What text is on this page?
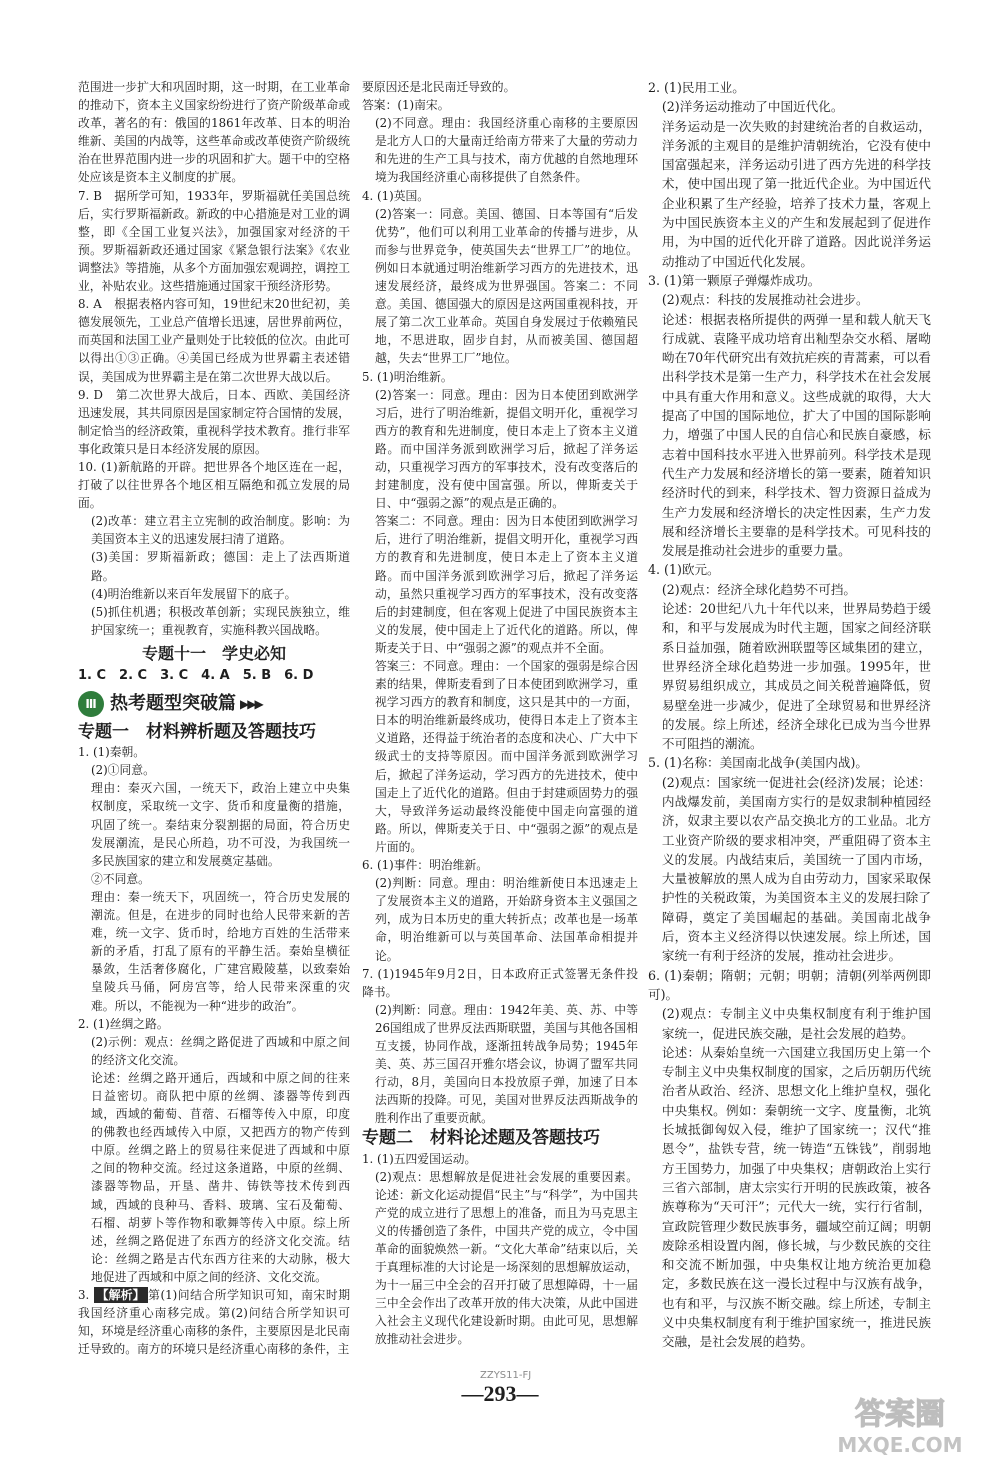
范围进一步扩大和巩固时期，这一时期，在工业革命的推动下，资本主义国家纷纷进行了资产阶级革命或改革，著名的有：俄国的1861年改革、日本的明治维新、美国的内战等，这些革命或改革使资产阶级统治在世界范围内进一步的巩固和扩大。题干中的空格处应该是资本主义制度的扩展。

7. B　据所学可知，1933年，罗斯福就任美国总统后，实行罗斯福新政。新政的中心措施是对工业的调整，即《全国工业复兴法》，加强国家对经济的干预。罗斯福新政还通过国家《紧急银行法案》《农业调整法》等措施，从多个方面加强宏观调控，调控工业，补贴农业。这些措施通过国家干预经济形势。

8. A　根据表格内容可知，19世纪末20世纪初，美德发展领先，工业总产值增长迅速，居世界前两位，而英国和法国工业产量则处于比较低的位次。由此可以得出①③正确。④美国已经成为世界霸主表述错误，美国成为世界霸主是在第二次世界大战以后。

9. D　第二次世界大战后，日本、西欧、美国经济迅速发展，其共同原因是国家制定符合国情的发展，制定恰当的经济政策，重视科学技术教育。推行非军事化政策只是日本经济发展的原因。

10. (1)新航路的开辟。把世界各个地区连在一起，打破了以往世界各个地区相互隔绝和孤立发展的局面。

(2)改革：建立君主立宪制的政治制度。影响：为美国资本主义的迅速发展扫清了道路。

(3)美国：罗斯福新政；德国：走上了法西斯道路。

(4)明治维新以来百年发展留下的底子。

(5)抓住机遇；积极改革创新；实现民族独立，维护国家统一；重视教育，实施科教兴国战略。

专题十一　学史必知
1. C　2. C　3. C　4. A　5. B　6. D
Ⅲ 热考题型突破篇 ▶▶▶
专题一　材料辨析题及答题技巧

1. (1)秦朝。

(2)①同意。

理由：秦灭六国，一统天下，政治上建立中央集权制度，采取统一文字、货币和度量衡的措施，巩固了统一。秦结束分裂割据的局面，符合历史发展潮流，是民心所趋，功不可没，为我国统一多民族国家的建立和发展奠定基础。

②不同意。

理由：秦一统天下，巩固统一，符合历史发展的潮流。但是，在进步的同时也给人民带来新的苦难，统一文字、货币时，给地方百姓的生活带来新的矛盾，打乱了原有的平静生活。秦始皇横征暴敛，生活奢侈腐化，广建宫殿陵墓，以致秦始皇陵兵马俑，阿房宫等，给人民带来深重的灾难。所以，不能视为一种“进步的政治”。

2. (1)丝绸之路。

(2)示例：观点：丝绸之路促进了西域和中原之间的经济文化交流。

论述：丝绸之路开通后，西域和中原之间的往来日益密切。商队把中原的丝绸、漆器等传到西域，西域的葡萄、苜蓿、石榴等传入中原，印度的佛教也经西域传入中原，又把西方的物产传到中原。丝绸之路上的贸易往来促进了西域和中原之间的物种交流。经过这条道路，中原的丝绸、漆器等物品，开垦、凿井、铸铁等技术传到西域，西域的良种马、香料、玻璃、宝石及葡萄、石榴、胡萝卜等作物和歌舞等传入中原。综上所述，丝绸之路促进了东西方的经济文化交流。结论：丝绸之路是古代东西方往来的大动脉，极大地促进了西域和中原之间的经济、文化交流。

3. 【解析】 第(1)问结合所学知识可知，南宋时期我国经济重心南移完成。第(2)问结合所学知识可知，环境是经济重心南移的条件，主要原因是北民南迁导致的。南方的环境只是经济重心南移的条件，主

要原因还是北民南迁导致的。

答案：(1)南宋。

(2)不同意。理由：我国经济重心南移的主要原因是北方人口的大量南迁给南方带来了大量的劳动力和先进的生产工具与技术，南方优越的自然地理环境为我国经济重心南移提供了自然条件。

4. (1)英国。

(2)答案一：同意。美国、德国、日本等国有“后发优势”，他们可以利用工业革命的传播与进步，从而参与世界竞争，使英国失去“世界工厂”的地位。例如日本就通过明治维新学习西方的先进技术，迅速发展经济，最终成为世界强国。答案二：不同意。美国、德国强大的原因是这两国重视科技，开展了第二次工业革命。英国自身发展过于依赖殖民地，不思进取，固步自封，从而被美国、德国超越，失去“世界工厂”地位。

5. (1)明治维新。

(2)答案一：同意。理由：因为日本使团到欧洲学习后，进行了明治维新，提倡文明开化，重视学习西方的教育和先进制度，使日本走上了资本主义道路。而中国洋务派到欧洲学习后，掀起了洋务运动，只重视学习西方的军事技术，没有改变落后的封建制度，没有使中国富强。所以，俾斯麦关于日、中“强弱之源”的观点是正确的。

答案二：不同意。理由：因为日本使团到欧洲学习后，进行了明治维新，提倡文明开化，重视学习西方的教育和先进制度，使日本走上了资本主义道路。而中国洋务派到欧洲学习后，掀起了洋务运动，虽然只重视学习西方的军事技术，没有改变落后的封建制度，但在客观上促进了中国民族资本主义的发展，使中国走上了近代化的道路。所以，俾斯麦关于日、中“强弱之源”的观点并不全面。

答案三：不同意。理由：一个国家的强弱是综合因素的结果，俾斯麦看到了日本使团到欧洲学习，重视学习西方的教育和制度，这只是其中的一方面，日本的明治维新最终成功，使得日本走上了资本主义道路，还得益于统治者的态度和决心、广大中下级武士的支持等原因。而中国洋务派到欧洲学习后，掀起了洋务运动，学习西方的先进技术，使中国走上了近代化的道路。但由于封建顽固势力的强大，导致洋务运动最终没能使中国走向富强的道路。所以，俾斯麦关于日、中“强弱之源”的观点是片面的。

6. (1)事件：明治维新。

(2)判断：同意。理由：明治维新使日本迅速走上了发展资本主义的道路，开始跻身资本主义强国之列，成为日本历史的重大转折点；改革也是一场革命，明治维新可以与英国革命、法国革命相提并论。

7. (1)1945年9月2日，日本政府正式签署无条件投降书。

(2)判断：同意。理由：1942年美、英、苏、中等26国组成了世界反法西斯联盟，美国与其他各国相互支援，协同作战，逐渐扭转战争局势；1945年美、英、苏三国召开雅尔塔会议，协调了盟军共同行动，8月，美国向日本投放原子弹，加速了日本法西斯的投降。可见，美国对世界反法西斯战争的胜利作出了重要贡献。

专题二　材料论述题及答题技巧

1. (1)五四爱国运动。

(2)观点：思想解放是促进社会发展的重要因素。论述：新文化运动提倡“民主”与“科学”，为中国共产党的成立进行了思想上的准备，而且为马克思主义的传播创造了条件，中国共产党的成立，令中国革命的面貌焕然一新。“文化大革命”结束以后，关于真理标准的大讨论是一场深刻的思想解放运动，为十一届三中全会的召开打破了思想障碍，十一届三中全会作出了改革开放的伟大决策，从此中国进入社会主义现代化建设新时期。由此可见，思想解放推动社会进步。

2. (1)民用工业。

(2)洋务运动推动了中国近代化。

洋务运动是一次失败的封建统治者的自救运动，洋务派的主观目的是维护清朝统治，它没有使中国富强起来，洋务运动引进了西方先进的科学技术，使中国出现了第一批近代企业。为中国近代企业积累了生产经验，培养了技术力量，客观上为中国民族资本主义的产生和发展起到了促进作用，为中国的近代化开辟了道路。因此说洋务运动推动了中国近代化发展。

3. (1)第一颗原子弹爆炸成功。

(2)观点：科技的发展推动社会进步。

论述：根据表格所提供的两弹一星和载人航天飞行成就、袁隆平成功培育出籼型杂交水稻、屠呦呦在70年代研究出有效抗疟疾的青蒿素，可以看出科学技术是第一生产力，科学技术在社会发展中具有重大作用和意义。这些成就的取得，大大提高了中国的国际地位，扩大了中国的国际影响力，增强了中国人民的自信心和民族自豪感，标志着中国科技水平进入世界前列。科学技术是现代生产力发展和经济增长的第一要素，随着知识经济时代的到来，科学技术、智力资源日益成为生产力发展和经济增长的决定性因素，生产力发展和经济增长主要靠的是科学技术。可见科技的发展是推动社会进步的重要力量。

4. (1)欧元。

(2)观点：经济全球化趋势不可挡。

论述：20世纪八九十年代以来，世界局势趋于缓和，和平与发展成为时代主题，国家之间经济联系日益加强，随着欧洲联盟等区域集团的建立，世界经济全球化趋势进一步加强。1995年，世界贸易组织成立，其成员之间关税普遍降低，贸易壁垒进一步减少，促进了全球贸易和世界经济的发展。综上所述，经济全球化已成为当今世界不可阻挡的潮流。

5. (1)名称：美国南北战争(美国内战)。

(2)观点：国家统一促进社会(经济)发展；论述：内战爆发前，美国南方实行的是奴隶制种植园经济，奴隶主要以农产品交换北方的工业品。北方工业资产阶级的要求相冲突，严重阻碍了资本主义的发展。内战结束后，美国统一了国内市场，大量被解放的黑人成为自由劳动力，国家采取保护性的关税政策，为美国资本主义的发展扫除了障碍，奠定了美国崛起的基础。美国南北战争后，资本主义经济得以快速发展。综上所述，国家统一有利于经济的发展，推动社会进步。

6. (1)秦朝；隋朝；元朝；明朝；清朝(列举两例即可)。

(2)观点：专制主义中央集权制度有利于维护国家统一，促进民族交融，是社会发展的趋势。

论述：从秦始皇统一六国建立我国历史上第一个专制主义中央集权制度的国家，之后历朝历代统治者从政治、经济、思想文化上维护皇权，强化中央集权。例如：秦朝统一文字、度量衡，北筑长城抵御匈奴入侵，维护了国家统一；汉代“推恩令”，盐铁专营，统一铸造“五铢钱”，削弱地方王国势力，加强了中央集权；唐朝政治上实行三省六部制，唐太宗实行开明的民族政策，被各族尊称为“天可汗”；元代大一统，实行行省制，宣政院管理少数民族事务，疆域空前辽阔；明朝废除丞相设置内阁，修长城，与少数民族的交往和交流不断加强，中央集权让地方统治更加稳定，多数民族在这一漫长过程中与汉族有战争，也有和平，与汉族不断交融。综上所述，专制主义中央集权制度有利于维护国家统一，推进民族交融，是社会发展的趋势。

ZZYS11-FJ
—293—
答案圈
MXQE.COM
